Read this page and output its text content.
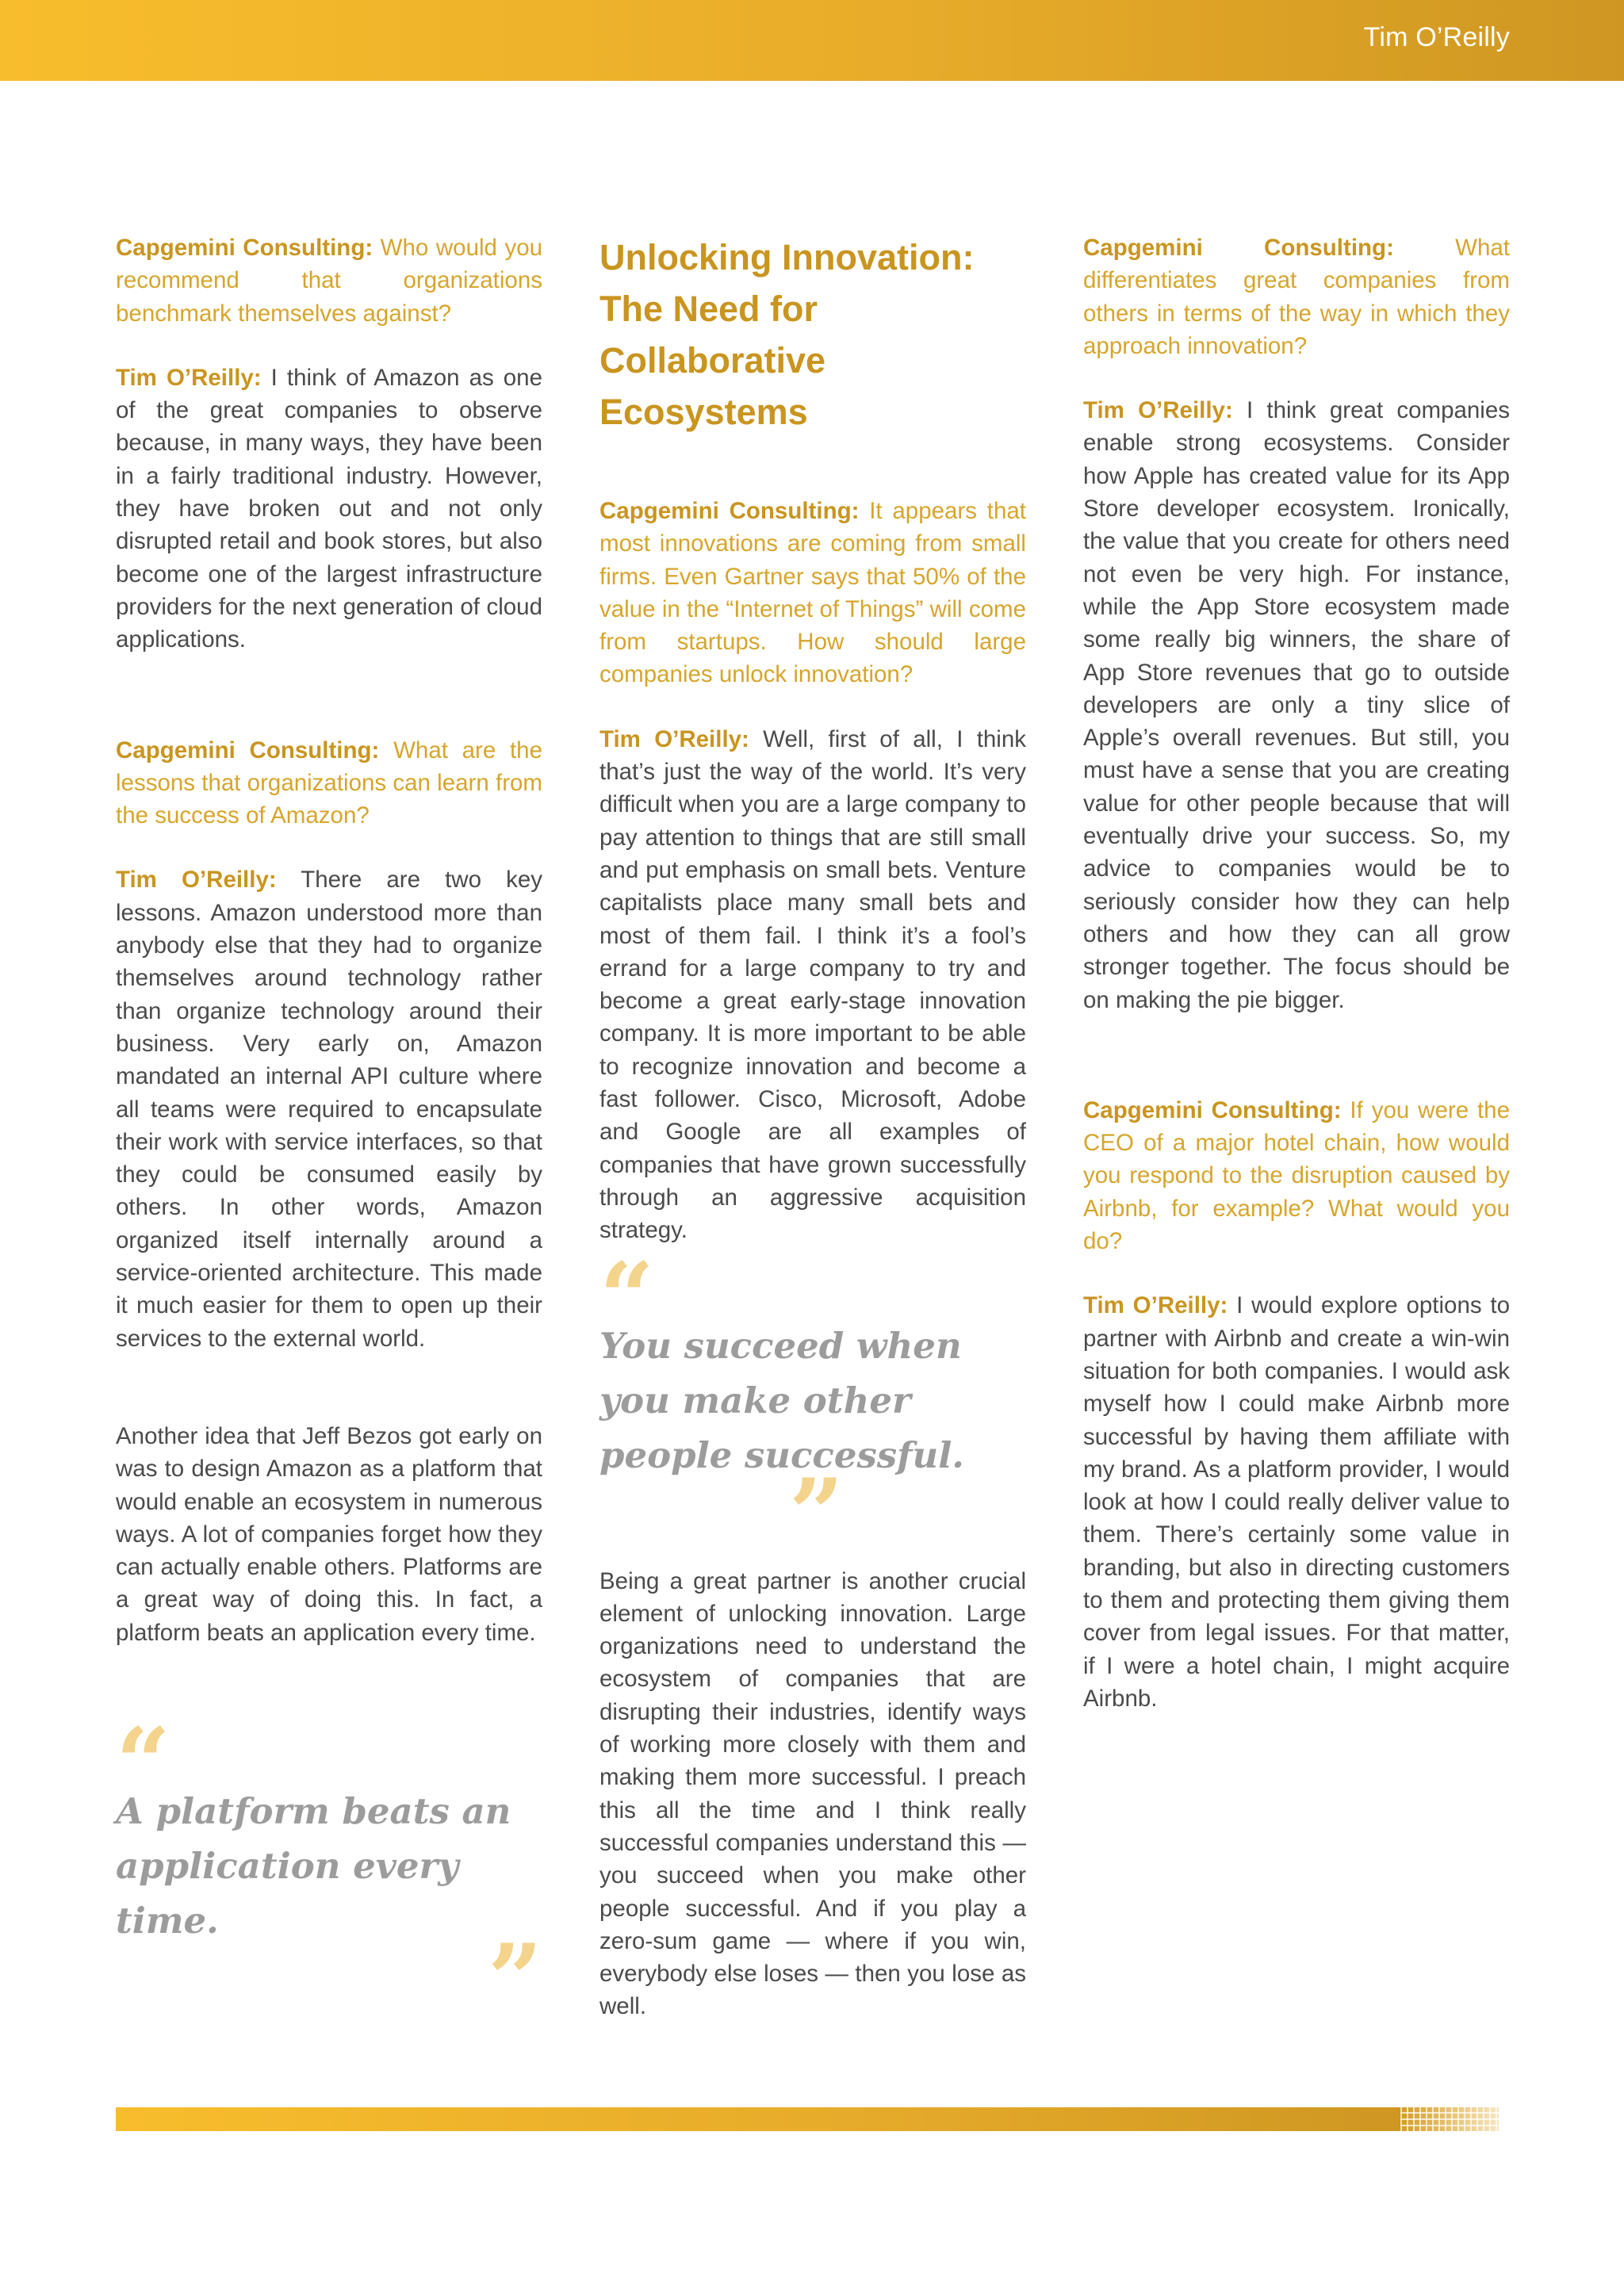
Tim O’Reilly

Capgemini Consulting: Who would you recommend that organizations benchmark themselves against?

Tim O’Reilly: I think of Amazon as one of the great companies to observe because, in many ways, they have been in a fairly traditional industry. However, they have broken out and not only disrupted retail and book stores, but also become one of the largest infrastructure providers for the next generation of cloud applications.

Capgemini Consulting: What are the lessons that organizations can learn from the success of Amazon?

Tim O’Reilly: There are two key lessons. Amazon understood more than anybody else that they had to organize themselves around technology rather than organize technology around their business. Very early on, Amazon mandated an internal API culture where all teams were required to encapsulate their work with service interfaces, so that they could be consumed easily by others. In other words, Amazon organized itself internally around a service-oriented architecture. This made it much easier for them to open up their services to the external world.

Another idea that Jeff Bezos got early on was to design Amazon as a platform that would enable an ecosystem in numerous ways. A lot of companies forget how they can actually enable others. Platforms are a great way of doing this. In fact, a platform beats an application every time.

“
A platform beats an application every time.
”
Unlocking Innovation: The Need for Collaborative Ecosystems

Capgemini Consulting: It appears that most innovations are coming from small firms. Even Gartner says that 50% of the value in the “Internet of Things” will come from startups. How should large companies unlock innovation?

Tim O’Reilly: Well, first of all, I think that’s just the way of the world. It’s very difficult when you are a large company to pay attention to things that are still small and put emphasis on small bets. Venture capitalists place many small bets and most of them fail. I think it’s a fool’s errand for a large company to try and become a great early-stage innovation company. It is more important to be able to recognize innovation and become a fast follower. Cisco, Microsoft, Adobe and Google are all examples of companies that have grown successfully through an aggressive acquisition strategy.

“
You succeed when you make other people successful.
”

Being a great partner is another crucial element of unlocking innovation. Large organizations need to understand the ecosystem of companies that are disrupting their industries, identify ways of working more closely with them and making them more successful. I preach this all the time and I think really successful companies understand this — you succeed when you make other people successful. And if you play a zero-sum game — where if you win, everybody else loses — then you lose as well.

Capgemini Consulting: What differentiates great companies from others in terms of the way in which they approach innovation?

Tim O’Reilly: I think great companies enable strong ecosystems. Consider how Apple has created value for its App Store developer ecosystem. Ironically, the value that you create for others need not even be very high. For instance, while the App Store ecosystem made some really big winners, the share of App Store revenues that go to outside developers are only a tiny slice of Apple’s overall revenues. But still, you must have a sense that you are creating value for other people because that will eventually drive your success. So, my advice to companies would be to seriously consider how they can help others and how they can all grow stronger together. The focus should be on making the pie bigger.

Capgemini Consulting: If you were the CEO of a major hotel chain, how would you respond to the disruption caused by Airbnb, for example? What would you do?

Tim O’Reilly: I would explore options to partner with Airbnb and create a win-win situation for both companies. I would ask myself how I could make Airbnb more successful by having them affiliate with my brand. As a platform provider, I would look at how I could really deliver value to them. There’s certainly some value in branding, but also in directing customers to them and protecting them giving them cover from legal issues. For that matter, if I were a hotel chain, I might acquire Airbnb.
